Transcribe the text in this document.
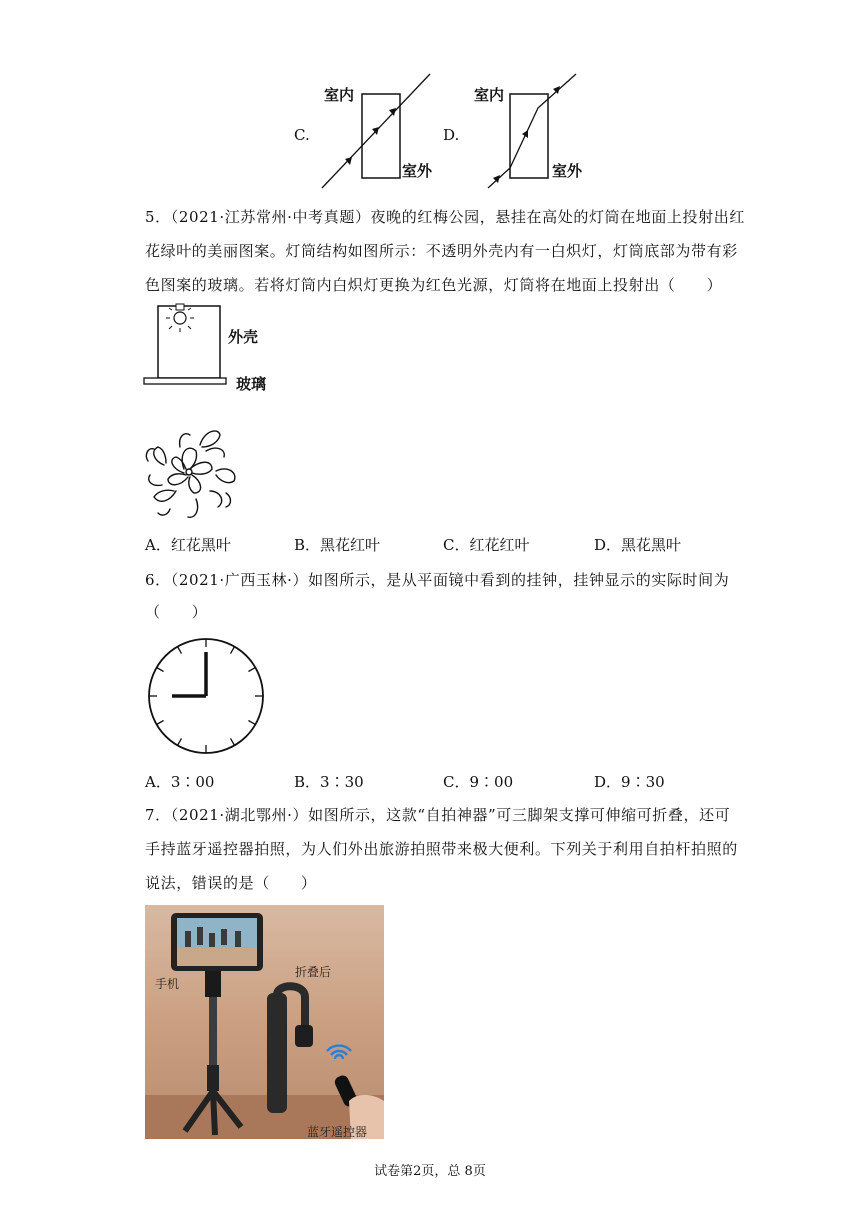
C.
室内
室外
D.
室内
室外
5．（2021·江苏常州·中考真题）夜晚的红梅公园，悬挂在高处的灯筒在地面上投射出红
花绿叶的美丽图案。灯筒结构如图所示：不透明外壳内有一白炽灯，灯筒底部为带有彩
色图案的玻璃。若将灯筒内白炽灯更换为红色光源，灯筒将在地面上投射出（　　）
外壳
玻璃
A．红花黑叶	B．黑花红叶	C．红花红叶	D．黑花黑叶
6．（2021·广西玉林·）如图所示，是从平面镜中看到的挂钟，挂钟显示的实际时间为
（　　）
A．3∶00	B．3∶30	C．9∶00	D．9∶30
7．（2021·湖北鄂州·）如图所示，这款“自拍神器”可三脚架支撑可伸缩可折叠，还可
手持蓝牙遥控器拍照，为人们外出旅游拍照带来极大便利。下列关于利用自拍杆拍照的
说法，错误的是（　　）
手机
折叠后
蓝牙遥控器
试卷第2页，总 8页
